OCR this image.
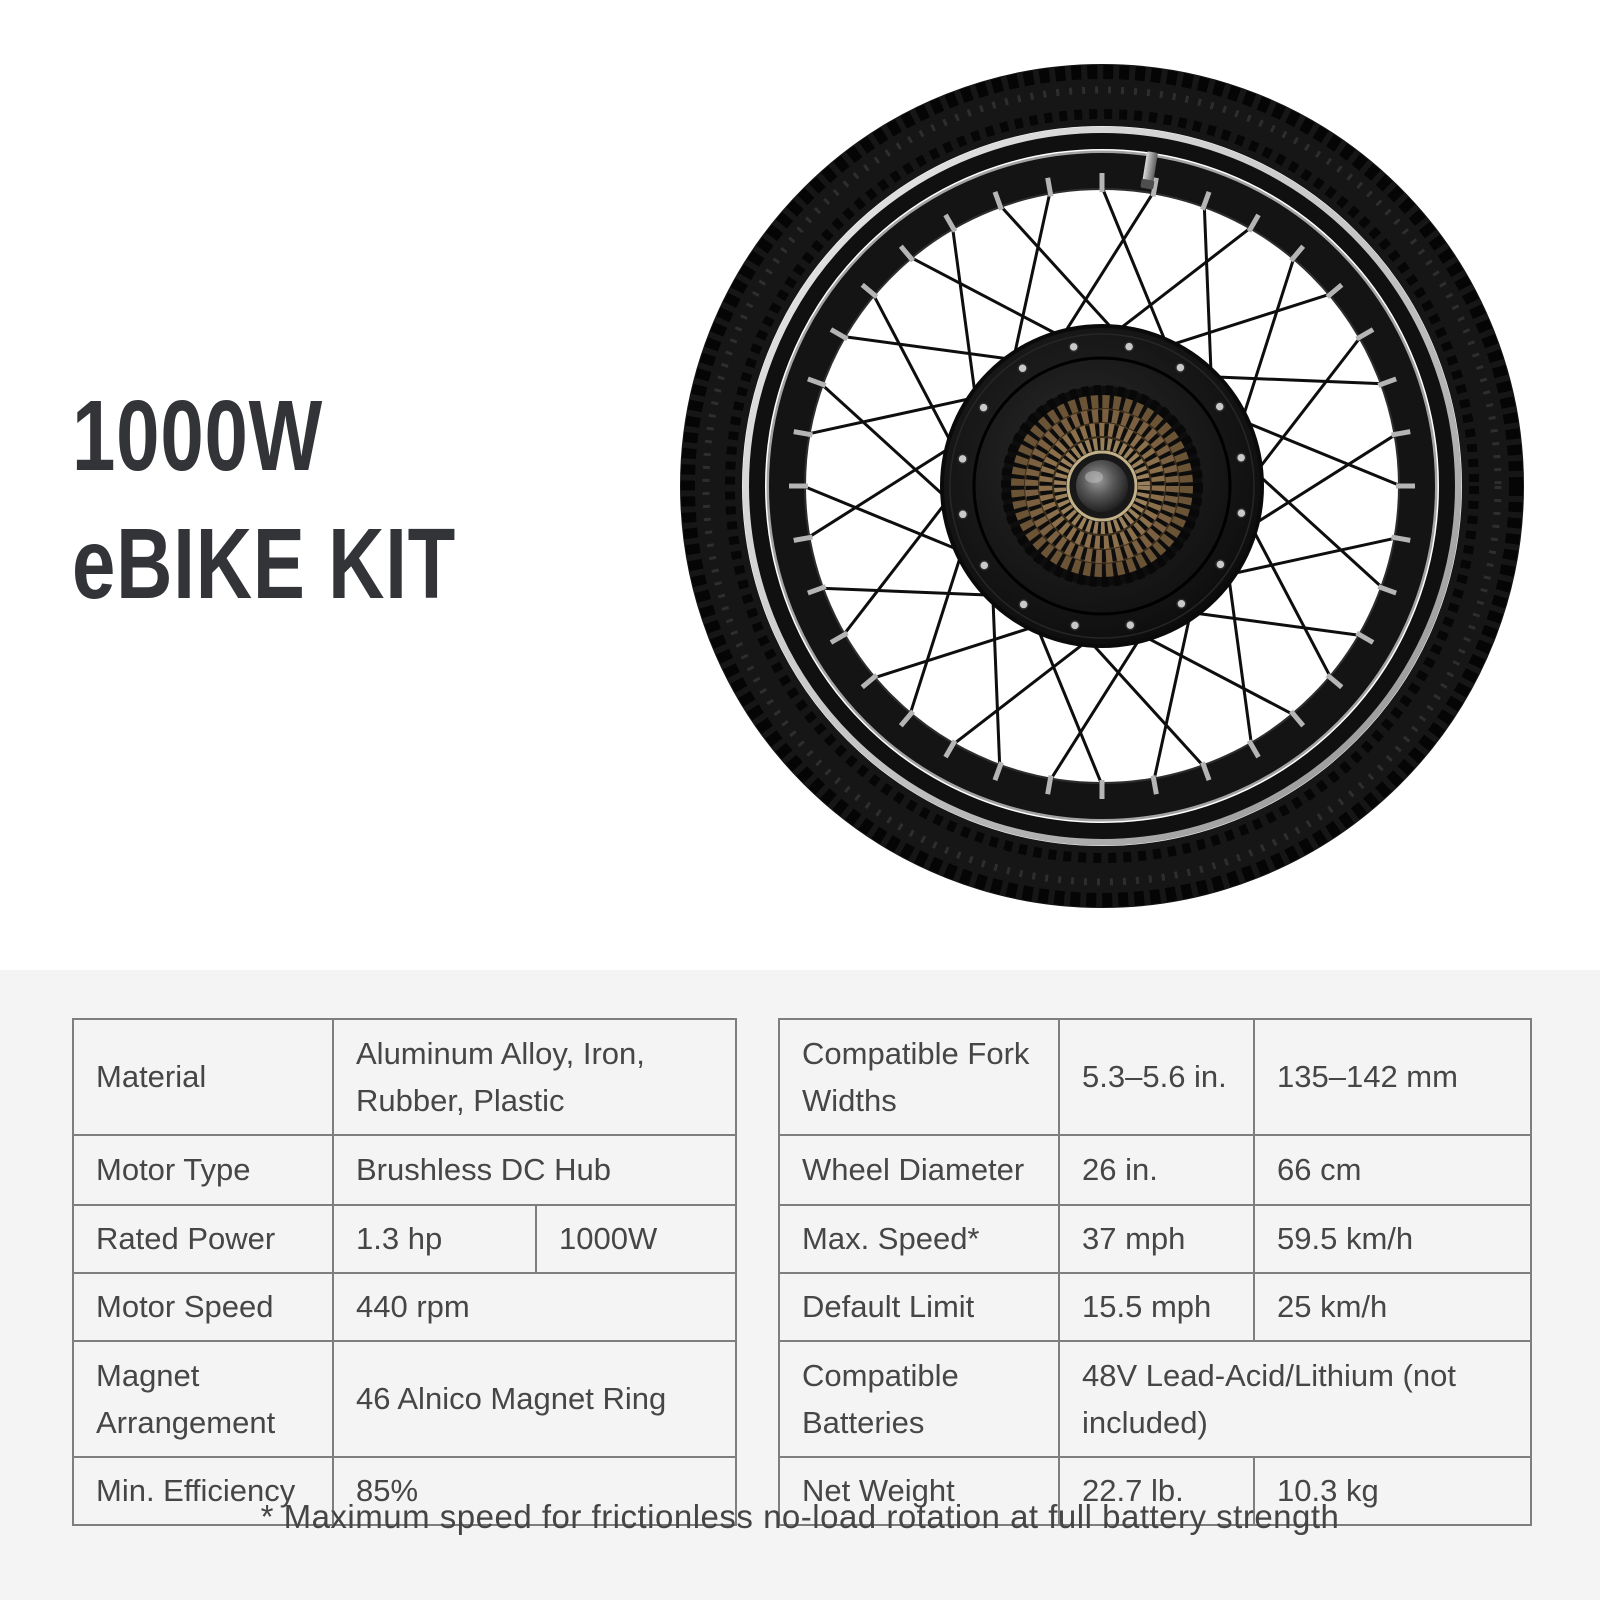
1000W
eBIKE KIT
Material	Aluminum Alloy, Iron, Rubber, Plastic	
Motor Type	Brushless DC Hub	
Rated Power	1.3 hp	1000W
Motor Speed	440 rpm	
Magnet Arrangement	46 Alnico Magnet Ring	
Min. Efficiency	85%	
Compatible Fork Widths	5.3–5.6 in.	135–142 mm
Wheel Diameter	26 in.	66 cm
Max. Speed*	37 mph	59.5 km/h
Default Limit	15.5 mph	25 km/h
Compatible Batteries	48V Lead-Acid/Lithium (not included)	
Net Weight	22.7 lb.	10.3 kg
* Maximum speed for frictionless no-load rotation at full battery strength
